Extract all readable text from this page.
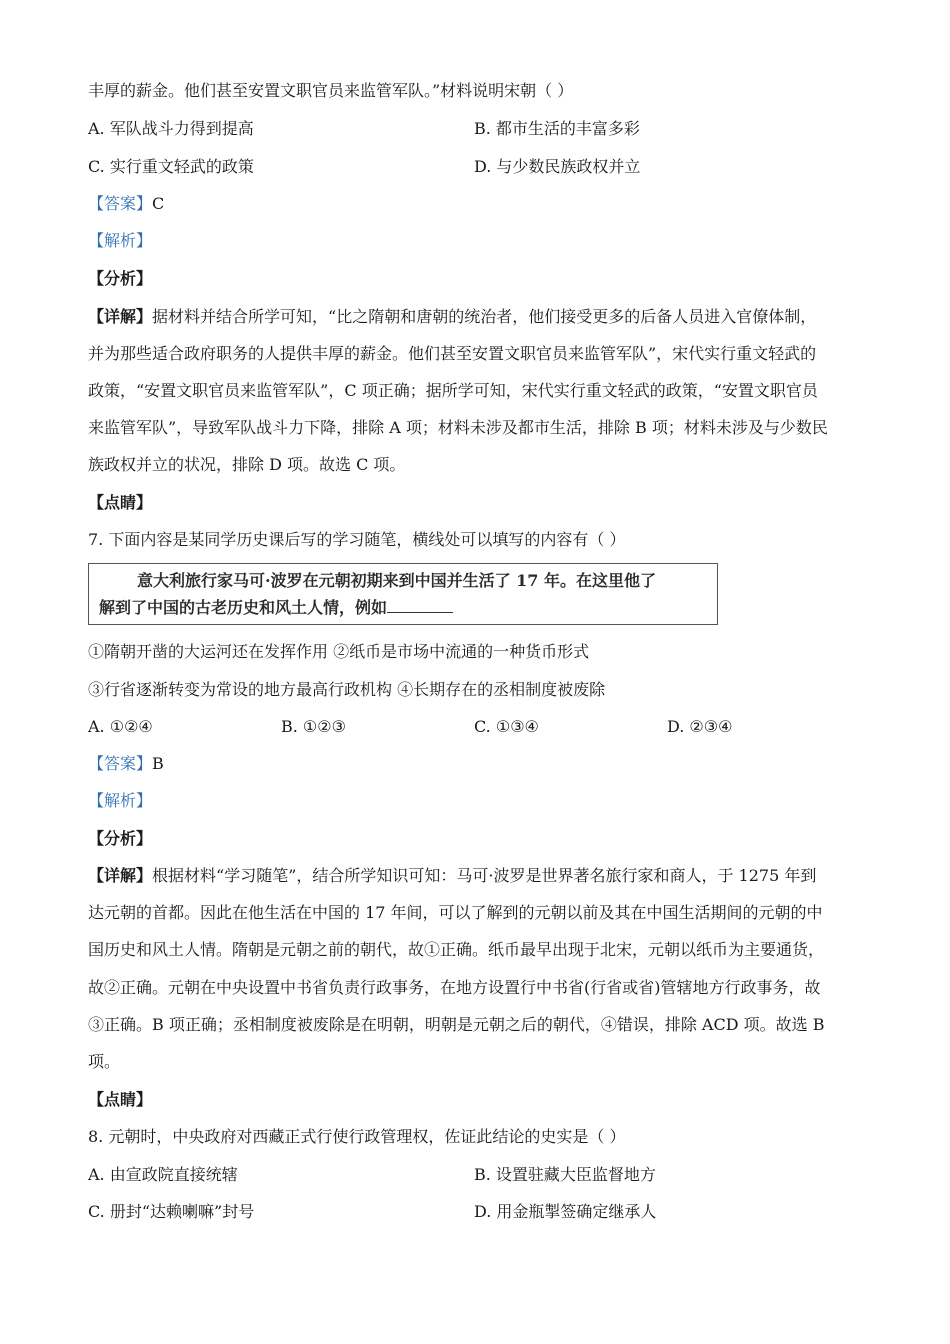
丰厚的薪金。他们甚至安置文职官员来监管军队。”材料说明宋朝（ ）
A. 军队战斗力得到提高	B. 都市生活的丰富多彩
C. 实行重文轻武的政策	D. 与少数民族政权并立
【答案】C
【解析】
【分析】
【详解】据材料并结合所学可知，“比之隋朝和唐朝的统治者，他们接受更多的后备人员进入官僚体制，
并为那些适合政府职务的人提供丰厚的薪金。他们甚至安置文职官员来监管军队”，宋代实行重文轻武的
政策，“安置文职官员来监管军队”，C 项正确；据所学可知，宋代实行重文轻武的政策，“安置文职官员
来监管军队”，导致军队战斗力下降，排除 A 项；材料未涉及都市生活，排除 B 项；材料未涉及与少数民
族政权并立的状况，排除 D 项。故选 C 项。
【点睛】
7. 下面内容是某同学历史课后写的学习随笔，横线处可以填写的内容有（ ）
意大利旅行家马可·波罗在元朝初期来到中国并生活了 17 年。在这里他了
解到了中国的古老历史和风土人情，例如
①隋朝开凿的大运河还在发挥作用 ②纸币是市场中流通的一种货币形式
③行省逐渐转变为常设的地方最高行政机构 ④长期存在的丞相制度被废除
A. ①②④	B. ①②③	C. ①③④	D. ②③④
【答案】B
【解析】
【分析】
【详解】根据材料“学习随笔”，结合所学知识可知：马可·波罗是世界著名旅行家和商人，于 1275 年到
达元朝的首都。因此在他生活在中国的 17 年间，可以了解到的元朝以前及其在中国生活期间的元朝的中
国历史和风土人情。隋朝是元朝之前的朝代，故①正确。纸币最早出现于北宋，元朝以纸币为主要通货，
故②正确。元朝在中央设置中书省负责行政事务，在地方设置行中书省(行省或省)管辖地方行政事务，故
③正确。B 项正确；丞相制度被废除是在明朝，明朝是元朝之后的朝代，④错误，排除 ACD 项。故选 B
项。
【点睛】
8. 元朝时，中央政府对西藏正式行使行政管理权，佐证此结论的史实是（ ）
A. 由宣政院直接统辖	B. 设置驻藏大臣监督地方
C. 册封“达赖喇嘛”封号	D. 用金瓶掣签确定继承人
